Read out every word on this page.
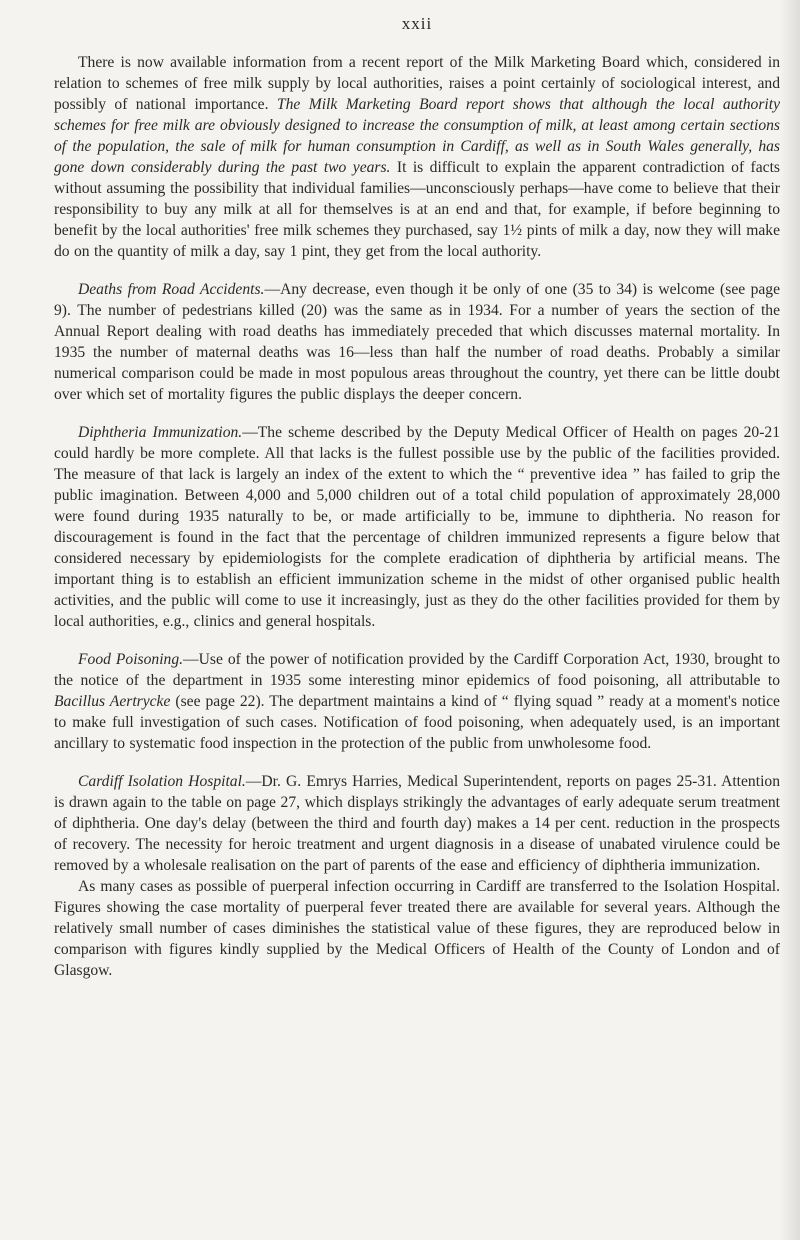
xxii

There is now available information from a recent report of the Milk Marketing Board which, considered in relation to schemes of free milk supply by local authorities, raises a point certainly of sociological interest, and possibly of national importance. The Milk Marketing Board report shows that although the local authority schemes for free milk are obviously designed to increase the consumption of milk, at least among certain sections of the population, the sale of milk for human consumption in Cardiff, as well as in South Wales generally, has gone down considerably during the past two years. It is difficult to explain the apparent contradiction of facts without assuming the possibility that individual families—unconsciously perhaps—have come to believe that their responsibility to buy any milk at all for themselves is at an end and that, for example, if before beginning to benefit by the local authorities' free milk schemes they purchased, say 1½ pints of milk a day, now they will make do on the quantity of milk a day, say 1 pint, they get from the local authority.

Deaths from Road Accidents.—Any decrease, even though it be only of one (35 to 34) is welcome (see page 9). The number of pedestrians killed (20) was the same as in 1934. For a number of years the section of the Annual Report dealing with road deaths has immediately preceded that which discusses maternal mortality. In 1935 the number of maternal deaths was 16—less than half the number of road deaths. Probably a similar numerical comparison could be made in most populous areas throughout the country, yet there can be little doubt over which set of mortality figures the public displays the deeper concern.

Diphtheria Immunization.—The scheme described by the Deputy Medical Officer of Health on pages 20-21 could hardly be more complete. All that lacks is the fullest possible use by the public of the facilities provided. The measure of that lack is largely an index of the extent to which the “ preventive idea ” has failed to grip the public imagination. Between 4,000 and 5,000 children out of a total child population of approximately 28,000 were found during 1935 naturally to be, or made artificially to be, immune to diphtheria. No reason for discouragement is found in the fact that the percentage of children immunized represents a figure below that considered necessary by epidemiologists for the complete eradication of diphtheria by artificial means. The important thing is to establish an efficient immunization scheme in the midst of other organised public health activities, and the public will come to use it increasingly, just as they do the other facilities provided for them by local authorities, e.g., clinics and general hospitals.

Food Poisoning.—Use of the power of notification provided by the Cardiff Corporation Act, 1930, brought to the notice of the department in 1935 some interesting minor epidemics of food poisoning, all attributable to Bacillus Aertrycke (see page 22). The department maintains a kind of “ flying squad ” ready at a moment's notice to make full investigation of such cases. Notification of food poisoning, when adequately used, is an important ancillary to systematic food inspection in the protection of the public from unwholesome food.

Cardiff Isolation Hospital.—Dr. G. Emrys Harries, Medical Superintendent, reports on pages 25-31. Attention is drawn again to the table on page 27, which displays strikingly the advantages of early adequate serum treatment of diphtheria. One day's delay (between the third and fourth day) makes a 14 per cent. reduction in the prospects of recovery. The necessity for heroic treatment and urgent diagnosis in a disease of unabated virulence could be removed by a wholesale realisation on the part of parents of the ease and efficiency of diphtheria immunization.

As many cases as possible of puerperal infection occurring in Cardiff are transferred to the Isolation Hospital. Figures showing the case mortality of puerperal fever treated there are available for several years. Although the relatively small number of cases diminishes the statistical value of these figures, they are reproduced below in comparison with figures kindly supplied by the Medical Officers of Health of the County of London and of Glasgow.
